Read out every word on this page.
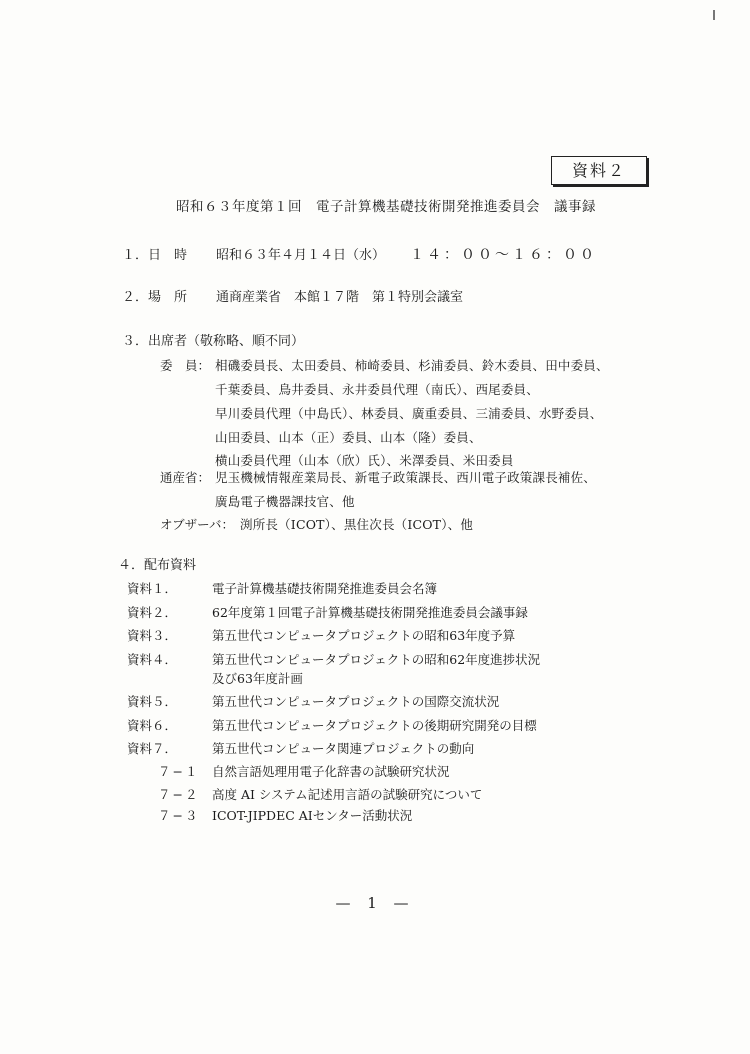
資料２
昭和６３年度第１回　電子計算機基礎技術開発推進委員会　議事録
１．日　時 昭和６３年４月１４日（水） １４：００〜１６：００
２．場　所 通商産業省　本館１７階　第１特別会議室
３．出席者（敬称略、順不同）
委　員： 相磯委員長、太田委員、柿崎委員、杉浦委員、鈴木委員、田中委員、
千葉委員、鳥井委員、永井委員代理（南氏）、西尾委員、
早川委員代理（中島氏）、林委員、廣重委員、三浦委員、水野委員、
山田委員、山本（正）委員、山本（隆）委員、
横山委員代理（山本（欣）氏）、米澤委員、米田委員
通産省： 児玉機械情報産業局長、新電子政策課長、西川電子政策課長補佐、
廣島電子機器課技官、他
オブザーバ： 渕所長（ICOT）、黒住次長（ICOT）、他
４．配布資料
資料１．	電子計算機基礎技術開発推進委員会名簿
資料２．	62年度第１回電子計算機基礎技術開発推進委員会議事録
資料３．	第五世代コンピュータプロジェクトの昭和63年度予算
資料４．	第五世代コンピュータプロジェクトの昭和62年度進捗状況
及び63年度計画
資料５．	第五世代コンピュータプロジェクトの国際交流状況
資料６．	第五世代コンピュータプロジェクトの後期研究開発の目標
資料７．	第五世代コンピュータ関連プロジェクトの動向
７−１ 自然言語処理用電子化辞書の試験研究状況
７−２ 高度 AI システム記述用言語の試験研究について
７−３ ICOT-JIPDEC AIセンター活動状況
— 1 —
